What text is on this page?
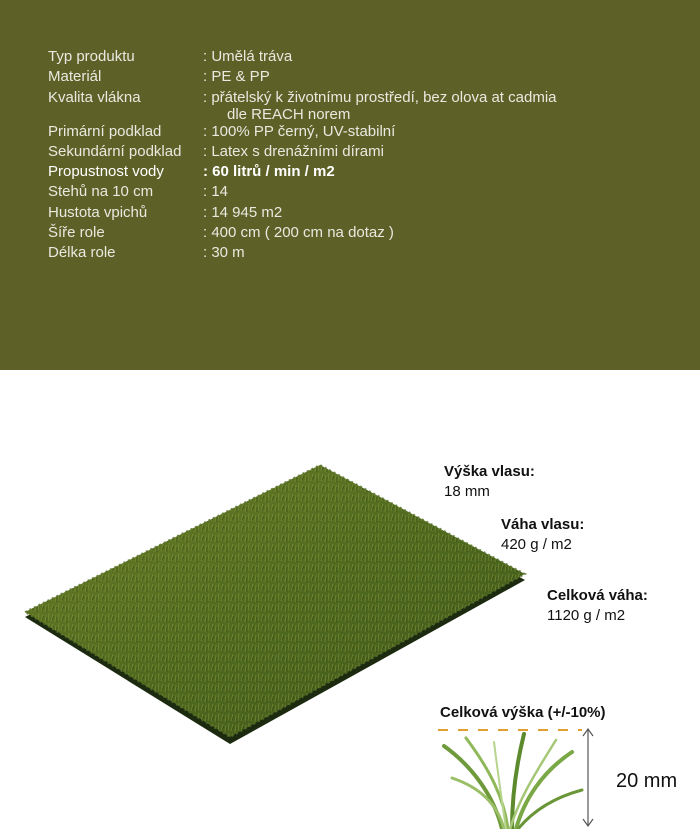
Typ produktu	: Umělá tráva
Materiál	: PE & PP
Kvalita vlákna	: přátelský k životnímu prostředí, bez olova at cadmia
dle REACH norem

Primární podklad	: 100% PP černý, UV-stabilní
Sekundární podklad	: Latex s drenážními dírami
Propustnost vody	: 60 litrů / min / m2
Stehů na 10 cm	: 14
Hustota vpichů	: 14 945 m2
Šíře role	: 400 cm ( 200 cm na dotaz )
Délka role	: 30 m
Výška vlasu:
18 mm
Váha vlasu:
420 g / m2
Celková váha:
1120 g / m2
Celková výška (+/-10%)
20 mm
